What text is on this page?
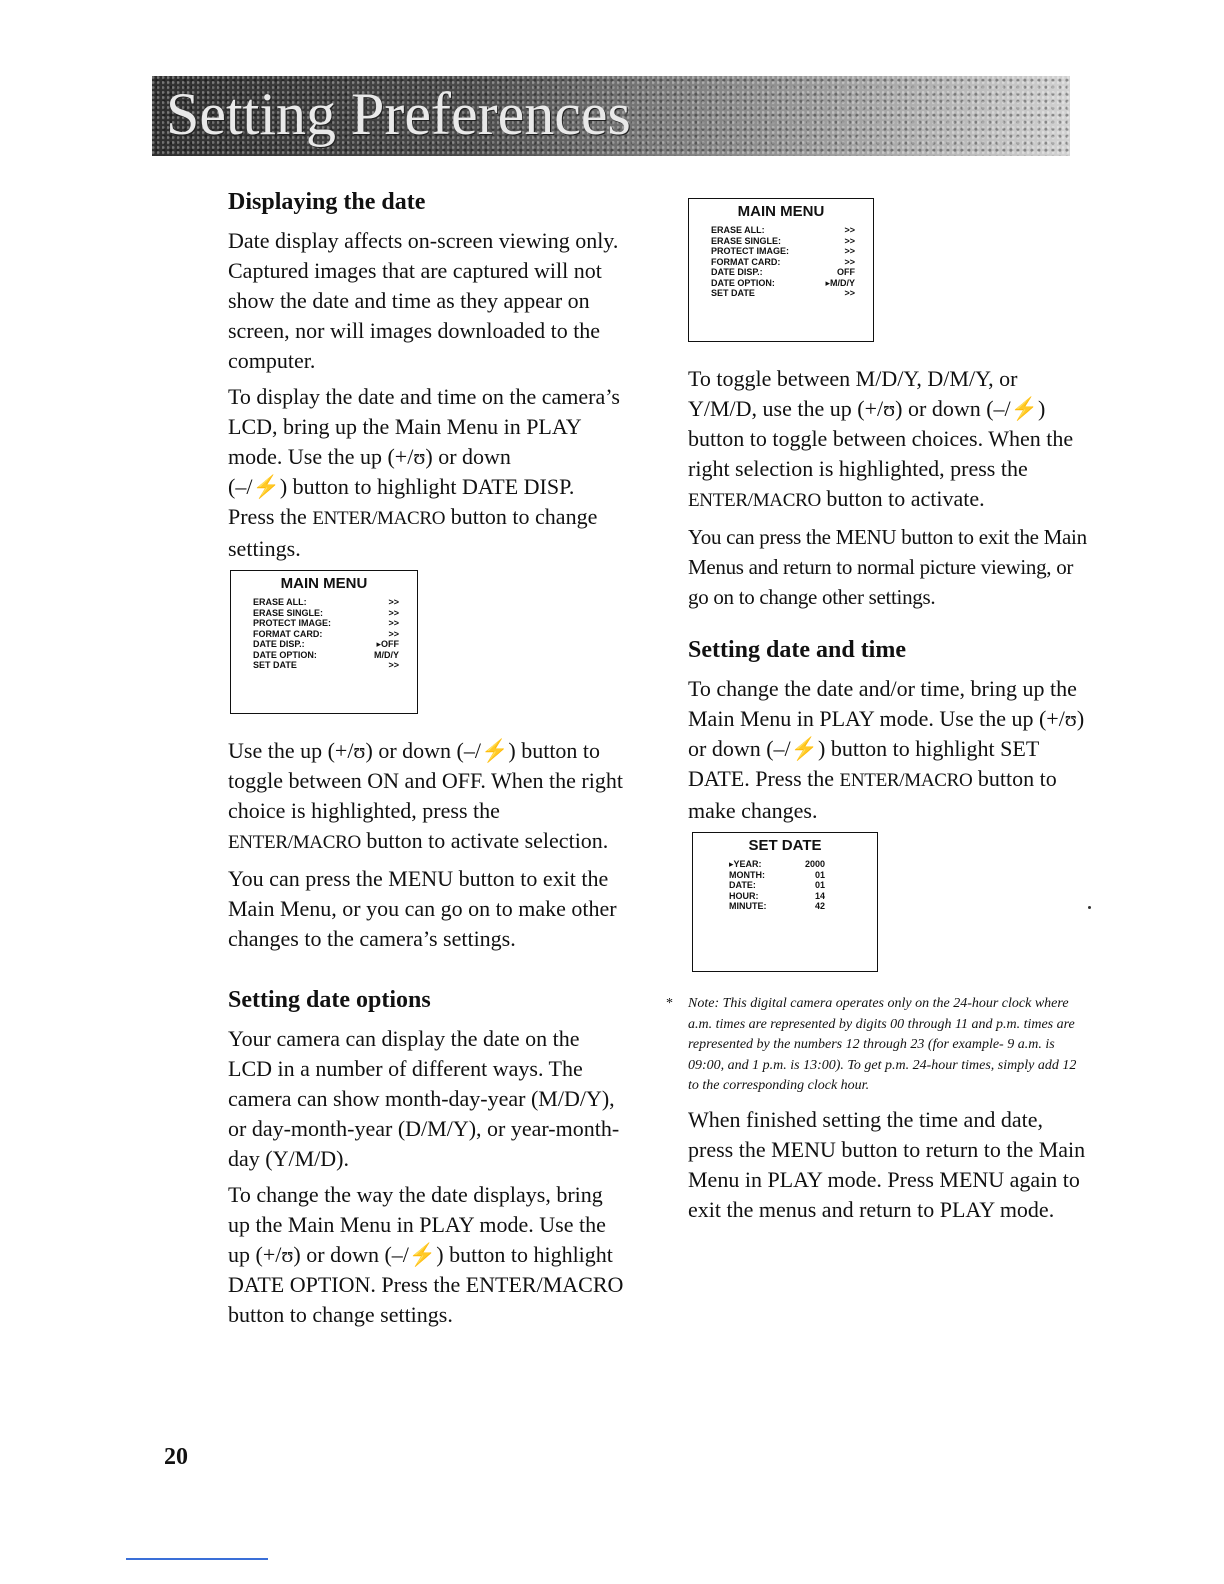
Setting Preferences
Displaying the date

Date display affects on-screen viewing only. Captured images that are captured will not show the date and time as they appear on screen, nor will images downloaded to the computer.

To display the date and time on the camera’s LCD, bring up the Main Menu in PLAY mode. Use the up (+/ʊ) or down
(–/⚡) button to highlight DATE DISP.
Press the ENTER/MACRO button to change settings.

MAIN MENU
ERASE ALL:	>>
ERASE SINGLE:	>>
PROTECT IMAGE:	>>
FORMAT CARD:	>>
DATE DISP.:	▸OFF
DATE OPTION:	M/D/Y
SET DATE	>>

Use the up (+/ʊ) or down (–/⚡) button to toggle between ON and OFF. When the right choice is highlighted, press the ENTER/MACRO button to activate selection.

You can press the MENU button to exit the Main Menu, or you can go on to make other changes to the camera’s settings.

Setting date options

Your camera can display the date on the LCD in a number of different ways. The camera can show month-day-year (M/D/Y), or day-month-year (D/M/Y), or year-month-day (Y/M/D).

To change the way the date displays, bring up the Main Menu in PLAY mode. Use the up (+/ʊ) or down (–/⚡) button to highlight DATE OPTION. Press the ENTER/MACRO button to change settings.

MAIN MENU
ERASE ALL:	>>
ERASE SINGLE:	>>
PROTECT IMAGE:	>>
FORMAT CARD:	>>
DATE DISP.:	OFF
DATE OPTION:	▸M/D/Y
SET DATE	>>

To toggle between M/D/Y, D/M/Y, or Y/M/D, use the up (+/ʊ) or down (–/⚡) button to toggle between choices. When the right selection is highlighted, press the ENTER/MACRO button to activate.

You can press the MENU button to exit the Main Menus and return to normal picture viewing, or go on to change other settings.

Setting date and time

To change the date and/or time, bring up the Main Menu in PLAY mode. Use the up (+/ʊ) or down (–/⚡) button to highlight SET DATE. Press the ENTER/MACRO button to make changes.

SET DATE
▸YEAR:	2000
MONTH:	01
DATE:	01
HOUR:	14
MINUTE:	42

* Note: This digital camera operates only on the 24-hour clock where a.m. times are represented by digits 00 through 11 and p.m. times are represented by the numbers 12 through 23 (for example- 9 a.m. is 09:00, and 1 p.m. is 13:00). To get p.m. 24-hour times, simply add 12 to the corresponding clock hour.

When finished setting the time and date, press the MENU button to return to the Main Menu in PLAY mode. Press MENU again to exit the menus and return to PLAY mode.

20
